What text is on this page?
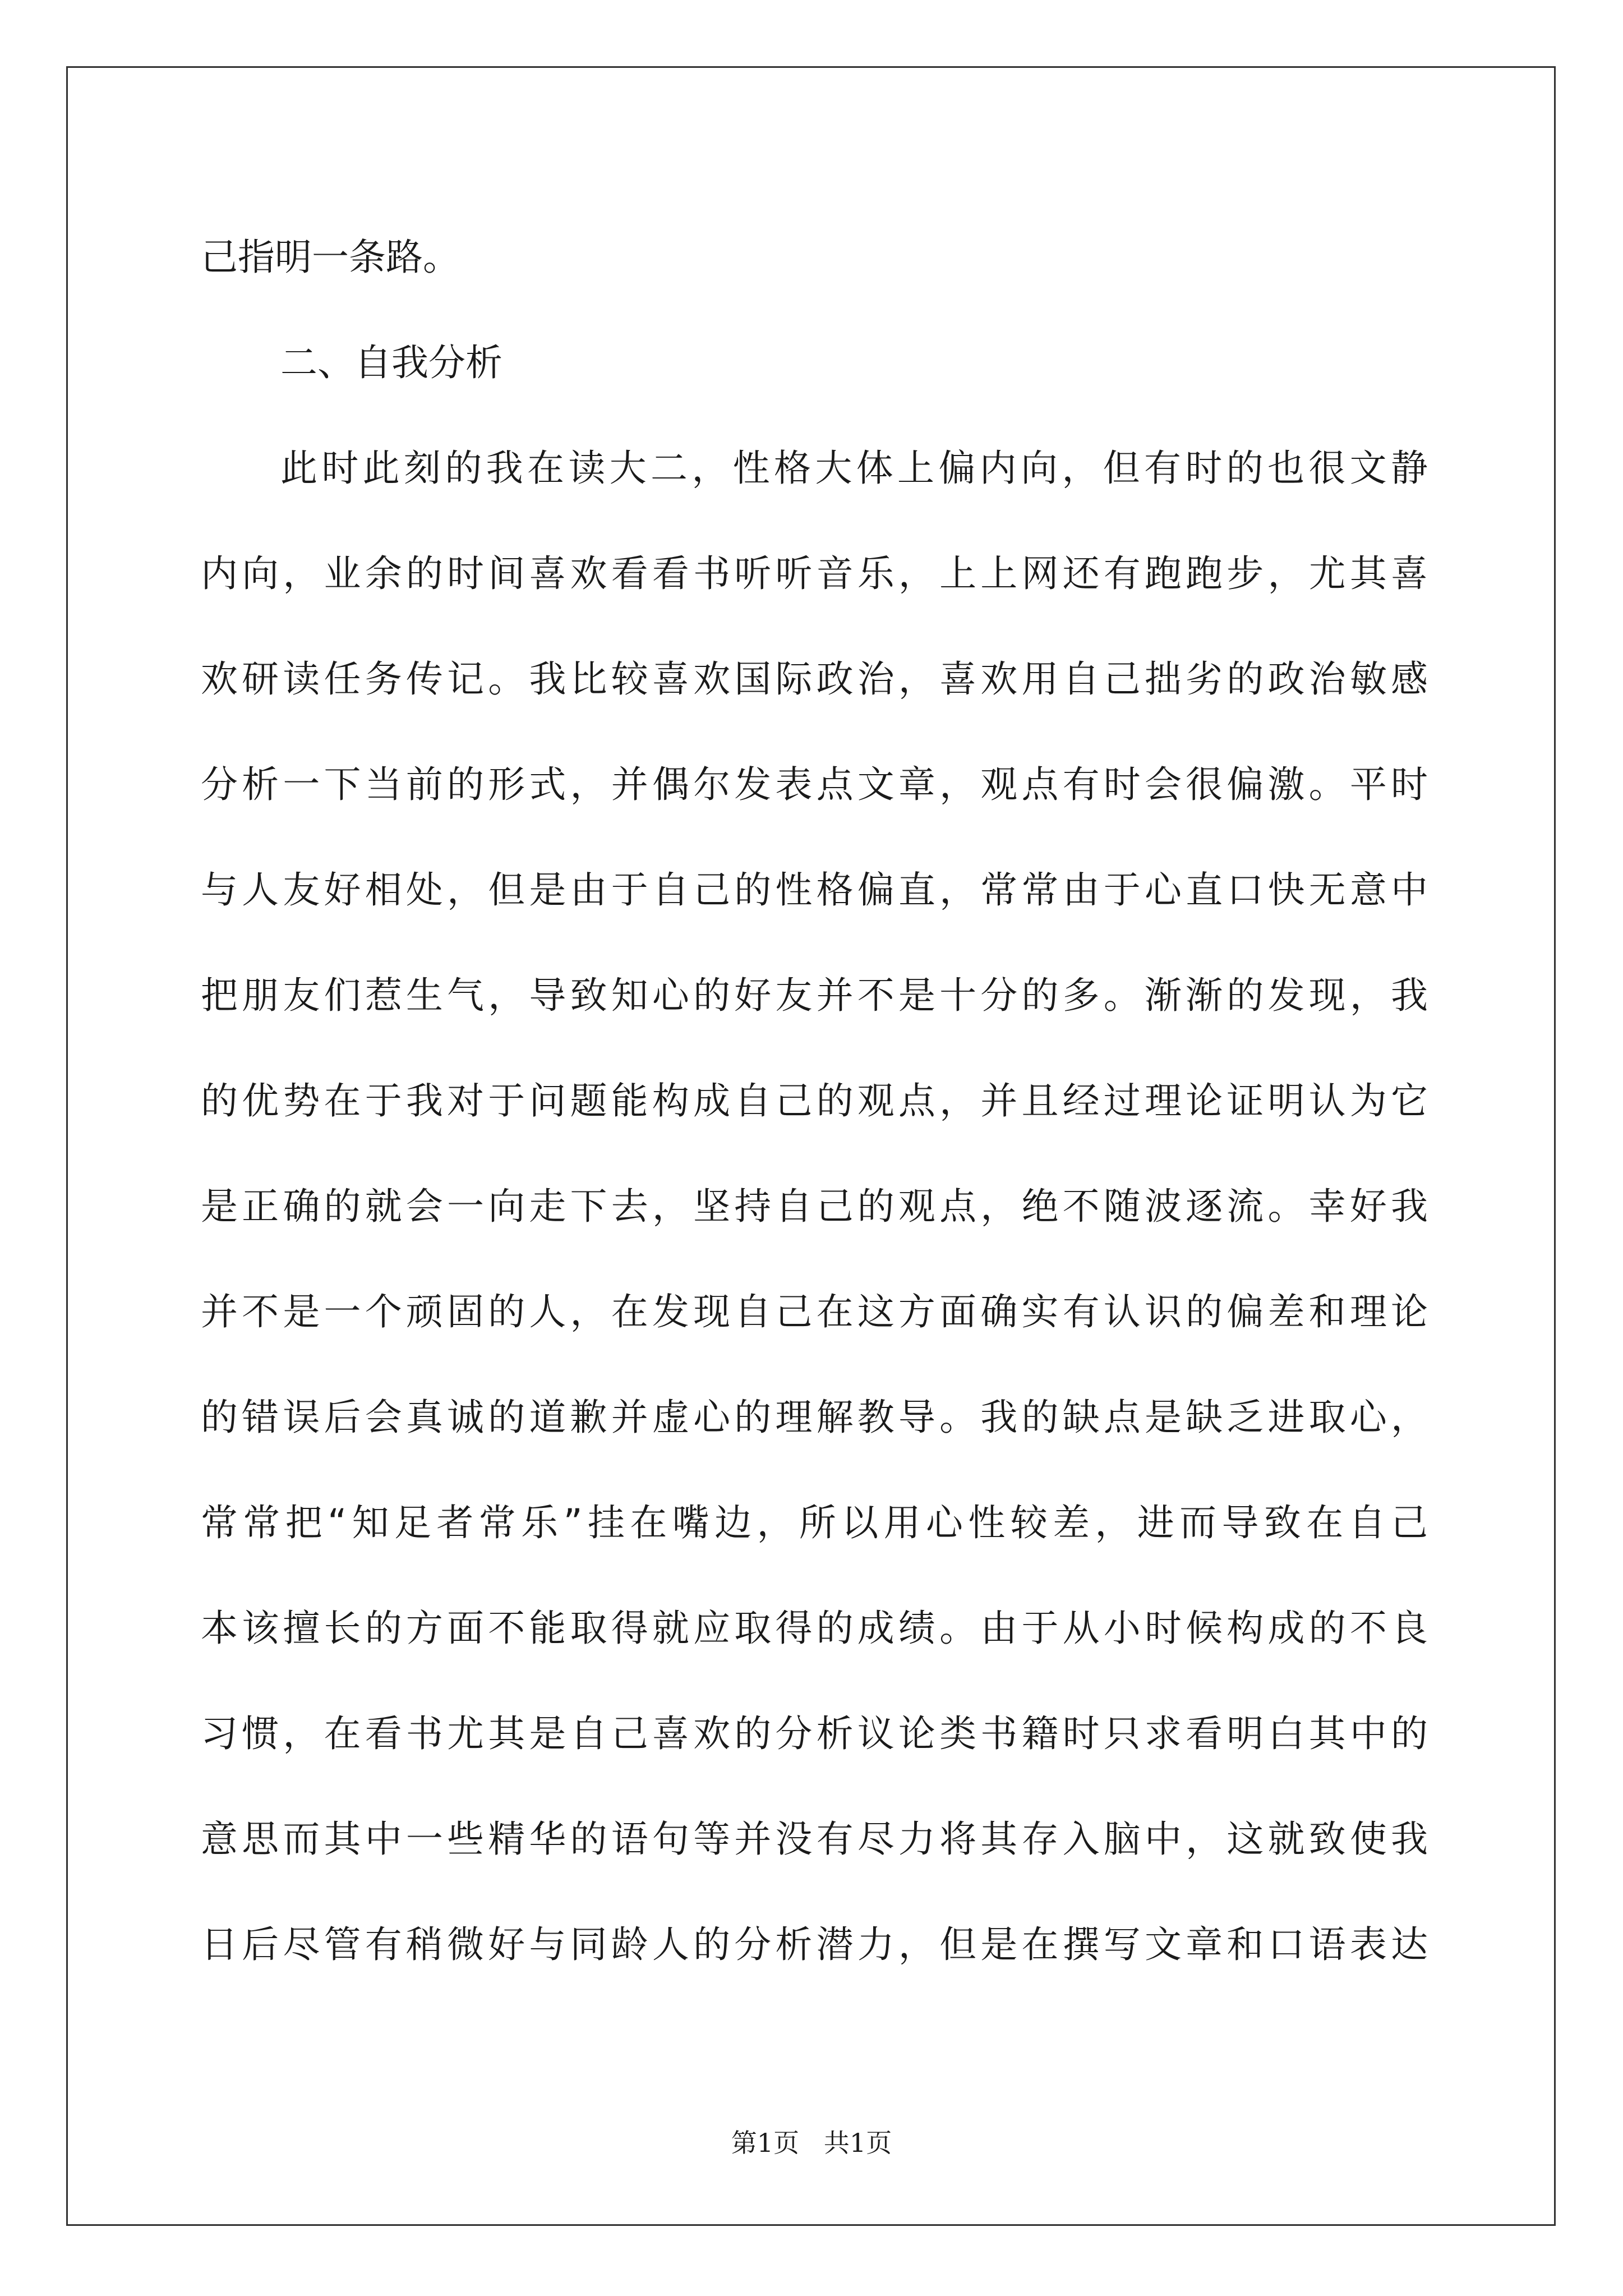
己指明一条路。
二、自我分析
此时此刻的我在读大二，性格大体上偏内向，但有时的也很文静
内向，业余的时间喜欢看看书听听音乐，上上网还有跑跑步，尤其喜
欢研读任务传记。我比较喜欢国际政治，喜欢用自己拙劣的政治敏感
分析一下当前的形式，并偶尔发表点文章，观点有时会很偏激。平时
与人友好相处，但是由于自己的性格偏直，常常由于心直口快无意中
把朋友们惹生气，导致知心的好友并不是十分的多。渐渐的发现，我
的优势在于我对于问题能构成自己的观点，并且经过理论证明认为它
是正确的就会一向走下去，坚持自己的观点，绝不随波逐流。幸好我
并不是一个顽固的人，在发现自己在这方面确实有认识的偏差和理论
的错误后会真诚的道歉并虚心的理解教导。我的缺点是缺乏进取心，
常常把“知足者常乐”挂在嘴边，所以用心性较差，进而导致在自己
本该擅长的方面不能取得就应取得的成绩。由于从小时候构成的不良
习惯，在看书尤其是自己喜欢的分析议论类书籍时只求看明白其中的
意思而其中一些精华的语句等并没有尽力将其存入脑中，这就致使我
日后尽管有稍微好与同龄人的分析潜力，但是在撰写文章和口语表达
第1页   共1页
